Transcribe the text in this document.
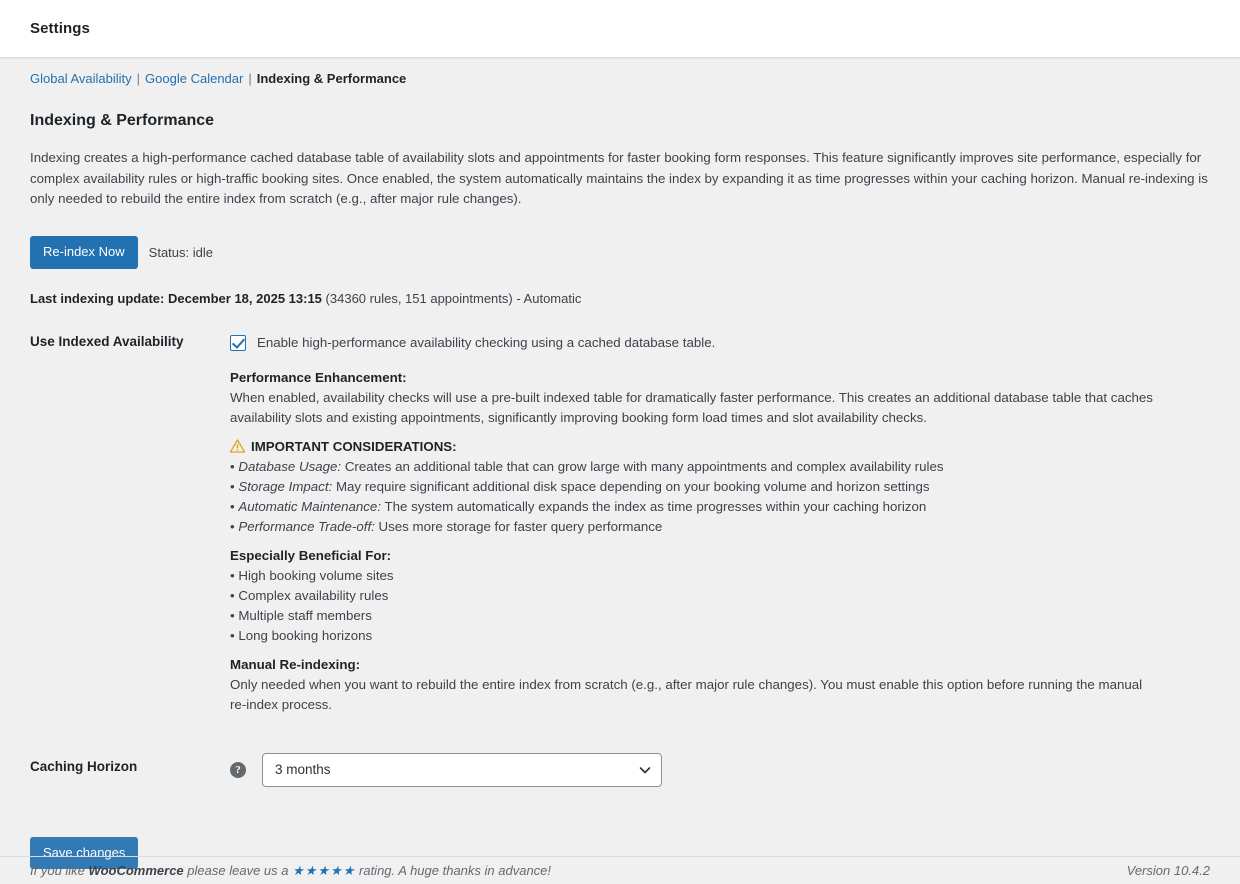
Settings
Global Availability | Google Calendar | Indexing & Performance
Indexing & Performance

Indexing creates a high-performance cached database table of availability slots and appointments for faster booking form responses. This feature significantly improves site performance, especially for complex availability rules or high-traffic booking sites. Once enabled, the system automatically maintains the index by expanding it as time progresses within your caching horizon. Manual re-indexing is only needed to rebuild the entire index from scratch (e.g., after major rule changes).

Re-index Now	Status: idle
Last indexing update: December 18, 2025 13:15 (34360 rules, 151 appointments) - Automatic
Use Indexed Availability	Enable high-performance availability checking using a cached database table.
Performance Enhancement:

When enabled, availability checks will use a pre-built indexed table for dramatically faster performance. This creates an additional database table that caches availability slots and existing appointments, significantly improving booking form load times and slot availability checks.

IMPORTANT CONSIDERATIONS:
• Database Usage: Creates an additional table that can grow large with many appointments and complex availability rules
• Storage Impact: May require significant additional disk space depending on your booking volume and horizon settings
• Automatic Maintenance: The system automatically expands the index as time progresses within your caching horizon
• Performance Trade-off: Uses more storage for faster query performance
Especially Beneficial For:
• High booking volume sites
• Complex availability rules
• Multiple staff members
• Long booking horizons
Manual Re-indexing:

Only needed when you want to rebuild the entire index from scratch (e.g., after major rule changes). You must enable this option before running the manual re-index process.

Caching Horizon	? 3 months
Save changes
If you like WooCommerce please leave us a ★★★★★ rating. A huge thanks in advance!	Version 10.4.2
